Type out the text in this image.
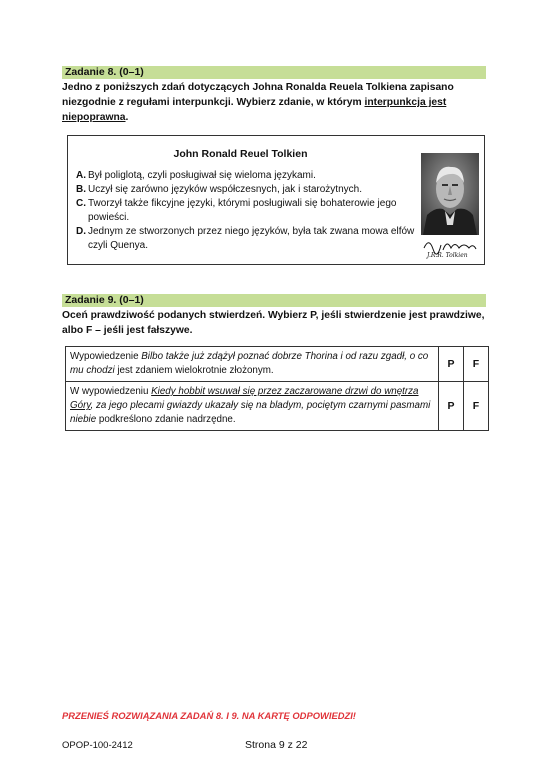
Zadanie 8. (0–1)
Jedno z poniższych zdań dotyczących Johna Ronalda Reuela Tolkiena zapisano
niezgodnie z regułami interpunkcji. Wybierz zdanie, w którym interpunkcja jest
niepoprawna.
John Ronald Reuel Tolkien
A. Był poliglotą, czyli posługiwał się wieloma językami.
B. Uczył się zarówno języków współczesnych, jak i starożytnych.
C. Tworzył także fikcyjne języki, którymi posługiwali się bohaterowie jego powieści.
D. Jednym ze stworzonych przez niego języków, była tak zwana mowa elfów czyli Quenya.
J.R.R. Tolkien
Zadanie 9. (0–1)
Oceń prawdziwość podanych stwierdzeń. Wybierz P, jeśli stwierdzenie jest prawdziwe,
albo F – jeśli jest fałszywe.
Wypowiedzenie Bilbo także już zdążył poznać dobrze Thorina i od razu zgadł, o co mu chodzi jest zdaniem wielokrotnie złożonym.	P	F
W wypowiedzeniu Kiedy hobbit wsuwał się przez zaczarowane drzwi do wnętrza Góry, za jego plecami gwiazdy ukazały się na bladym, pociętym czarnymi pasmami niebie podkreślono zdanie nadrzędne.	P	F
PRZENIEŚ ROZWIĄZANIA ZADAŃ 8. I 9. NA KARTĘ ODPOWIEDZI!
OPOP-100-2412	Strona 9 z 22
